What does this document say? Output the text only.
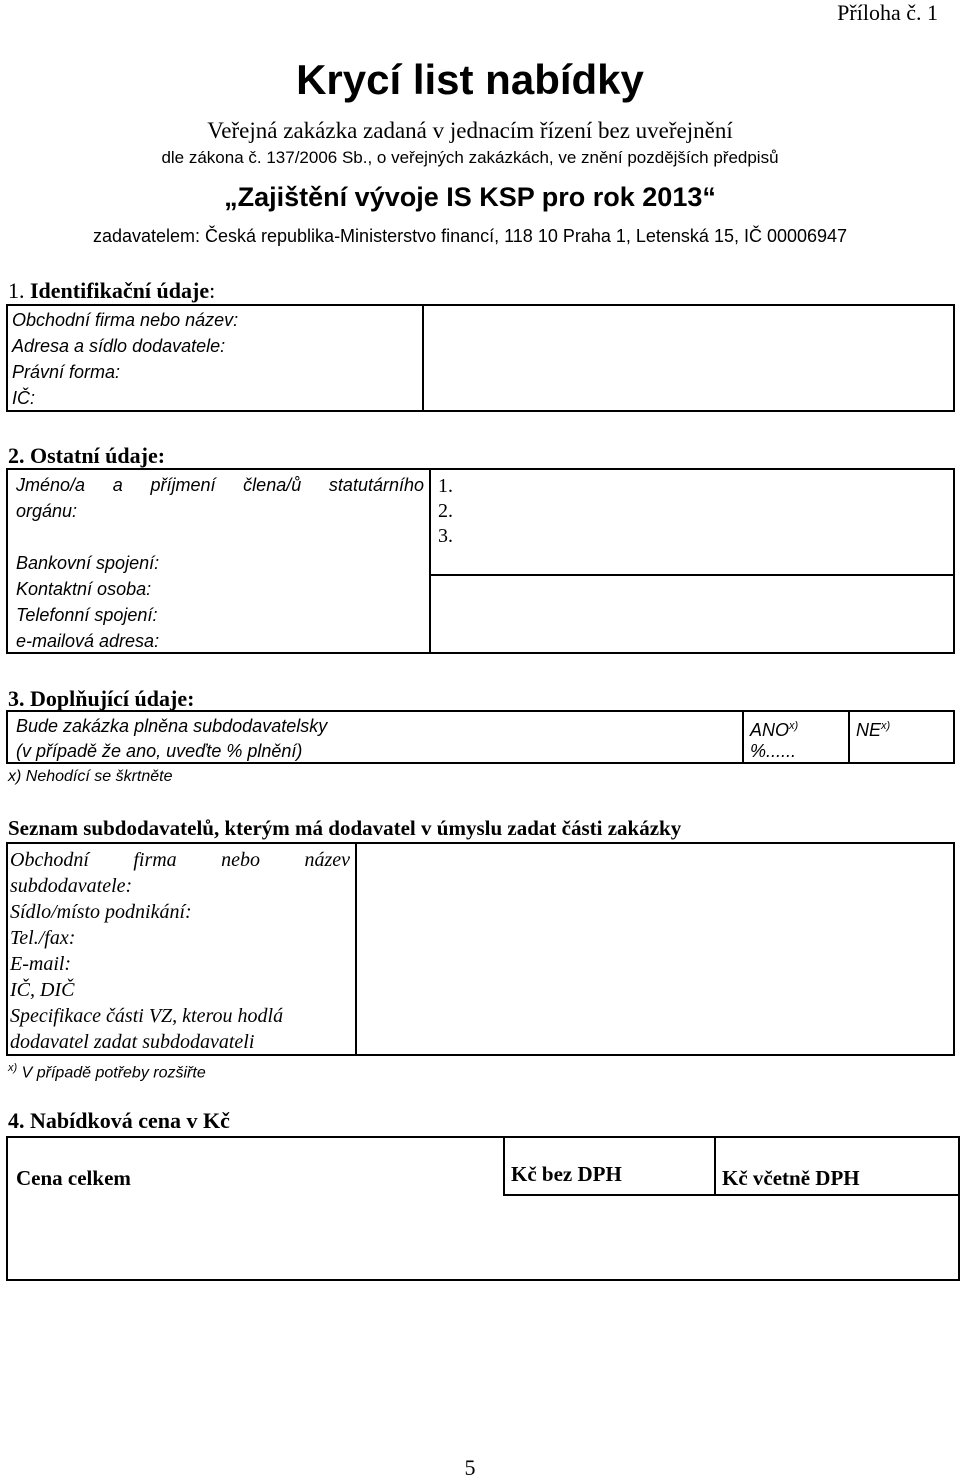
Příloha č. 1
Krycí list nabídky
Veřejná zakázka zadaná v jednacím řízení bez uveřejnění
dle zákona č. 137/2006 Sb., o veřejných zakázkách, ve znění pozdějších předpisů
„Zajištění vývoje IS KSP pro rok 2013“
zadavatelem: Česká republika-Ministerstvo financí, 118 10 Praha 1, Letenská 15, IČ 00006947
1. Identifikační údaje:
Obchodní firma nebo název:
Adresa a sídlo dodavatele:
Právní forma:
IČ:
2. Ostatní údaje:
Jméno/a a příjmení člena/ů statutárního
orgánu:
1.
2.
3.
Bankovní spojení:
Kontaktní osoba:
Telefonní spojení:
e-mailová adresa:
3. Doplňující údaje:
Bude zakázka plněna subdodavatelsky
(v případě že ano, uveďte % plnění)
ANO$^{x)}$
%......
NE$^{x)}$
x) Nehodící se škrtněte
Seznam subdodavatelů, kterým má dodavatel v úmyslu zadat části zakázky
Obchodní firma nebo název
subdodavatele:
Sídlo/místo podnikání:
Tel./fax:
E-mail:
IČ, DIČ
Specifikace části VZ, kterou hodlá
dodavatel zadat subdodavateli
$^{x)}$ V případě potřeby rozšiřte
4. Nabídková cena v Kč
Cena celkem	Kč bez DPH	Kč včetně DPH
5
